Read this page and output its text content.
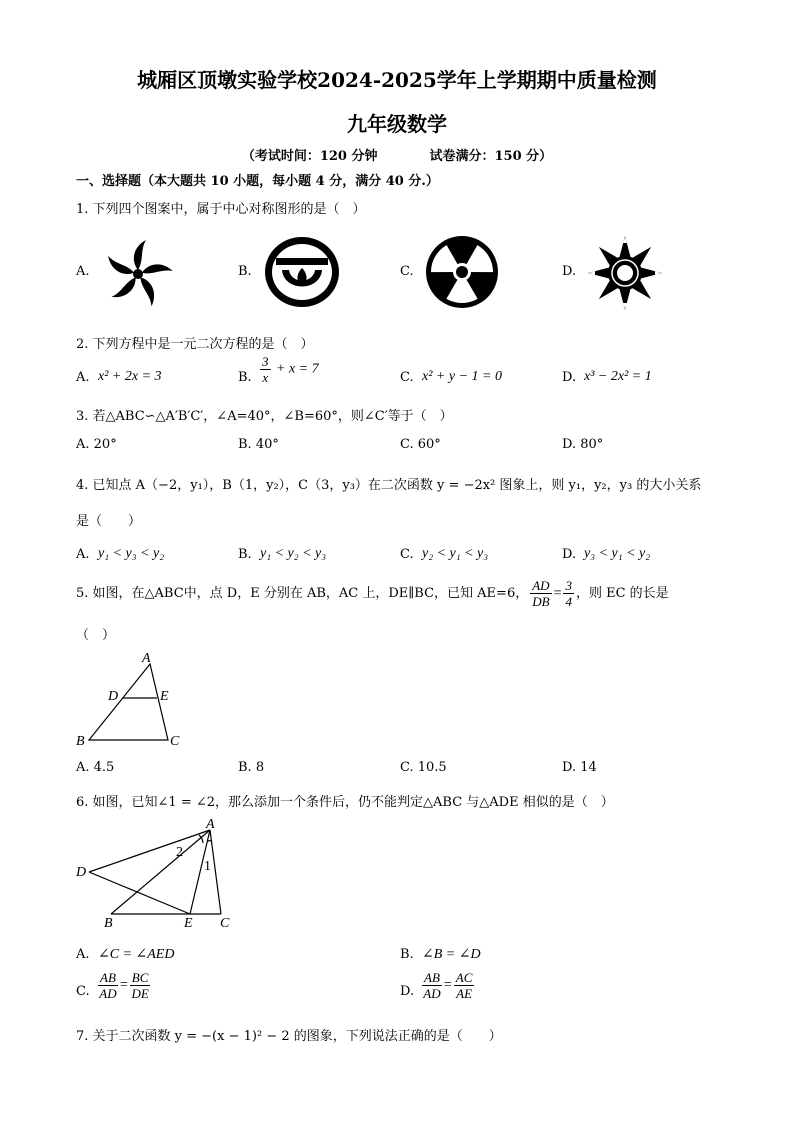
城厢区顶墩实验学校2024-2025学年上学期期中质量检测
九年级数学
（考试时间：120 分钟　　　　试卷满分：150 分）
一、选择题（本大题共 10 小题，每小题 4 分，满分 40 分.）
1. 下列四个图案中，属于中心对称图形的是（　）
A.	B.	C.	D.
2. 下列方程中是一元二次方程的是（　）
A. x² + 2x = 3	B. $\frac{3}{x} + x = 7$
C. x² + y − 1 = 0	D. x³ − 2x² = 1
3. 若△ABC∽△A′B′C′，∠A=40°，∠B=60°，则∠C′等于（　）
A. 20°	B. 40°	C. 60°	D. 80°
4. 已知点 A（−2，y₁），B（1，y₂），C（3，y₃）在二次函数 y = −2x² 图象上，则 y₁，y₂，y₃ 的大小关系
是（　　）
A. y₁ < y₃ < y₂	B. y₁ < y₂ < y₃	C. y₂ < y₁ < y₃	D. y₃ < y₁ < y₂
5. 如图，在△ABC中，点 D，E 分别在 AB，AC 上，DE∥BC，已知 AE=6， $\frac{AD}{DB} = \frac{3}{4}$ ，则 EC 的长是
（　）
A
D	E
B	C
A. 4.5	B. 8	C. 10.5	D. 14
6. 如图，已知∠1 = ∠2，那么添加一个条件后，仍不能判定△ABC 与△ADE 相似的是（　）
A
D
B	E C
2
1
A. ∠C = ∠AED	B. ∠B = ∠D
C. $\frac{AB}{AD} = \frac{BC}{DE}$	D. $\frac{AB}{AD} = \frac{AC}{AE}$
7. 关于二次函数 y = −(x − 1)² − 2 的图象，下列说法正确的是（　　）
